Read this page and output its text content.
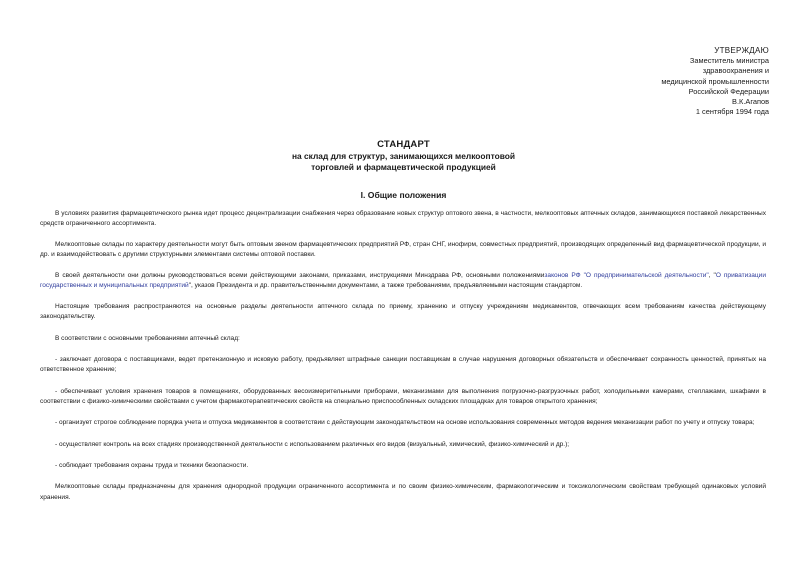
УТВЕРЖДАЮ
Заместитель министра
здравоохранения и
медицинской промышленности
Российской Федерации
В.К.Агапов
1 сентября 1994 года
СТАНДАРТ
на склад для структур, занимающихся мелкооптовой
торговлей и фармацевтической продукцией
I. Общие положения

В условиях развития фармацевтического рынка идет процесс децентрализации снабжения через образование новых структур оптового звена, в частности, мелкооптовых аптечных складов, занимающихся поставкой лекарственных средств ограниченного ассортимента.

Мелкооптовые склады по характеру деятельности могут быть оптовым звеном фармацевтических предприятий РФ, стран СНГ, инофирм, совместных предприятий, производящих определенный вид фармацевтической продукции, и др. и взаимодействовать с другими структурными элементами системы оптовой поставки.

В своей деятельности они должны руководствоваться всеми действующими законами, приказами, инструкциями Минздрава РФ, основными положениямизаконов РФ "О предпринимательской деятельности", "О приватизации государственных и муниципальных предприятий", указов Президента и др. правительственными документами, а также требованиями, предъявляемыми настоящим стандартом.

Настоящие требования распространяются на основные разделы деятельности аптечного склада по приему, хранению и отпуску учреждениям медикаментов, отвечающих всем требованиям качества действующему законодательству.

В соответствии с основными требованиями аптечный склад:

- заключает договора с поставщиками, ведет претензионную и исковую работу, предъявляет штрафные санкции поставщикам в случае нарушения договорных обязательств и обеспечивает сохранность ценностей, принятых на ответственное хранение;

- обеспечивает условия хранения товаров в помещениях, оборудованных весоизмерительными приборами, механизмами для выполнения погрузочно-разгрузочных работ, холодильными камерами, стеллажами, шкафами в соответствии с физико-химическими свойствами с учетом фармакотерапевтических свойств на специально приспособленных складских площадках для товаров открытого хранения;

- организует строгое соблюдение порядка учета и отпуска медикаментов в соответствии с действующим законодательством на основе использования современных методов ведения механизации работ по учету и отпуску товара;

- осуществляет контроль на всех стадиях производственной деятельности с использованием различных его видов (визуальный, химический, физико-химический и др.);

- соблюдает требования охраны труда и техники безопасности.

Мелкооптовые склады предназначены для хранения однородной продукции ограниченного ассортимента и по своим физико-химическим, фармакологическим и токсикологическим свойствам требующей одинаковых условий хранения.
